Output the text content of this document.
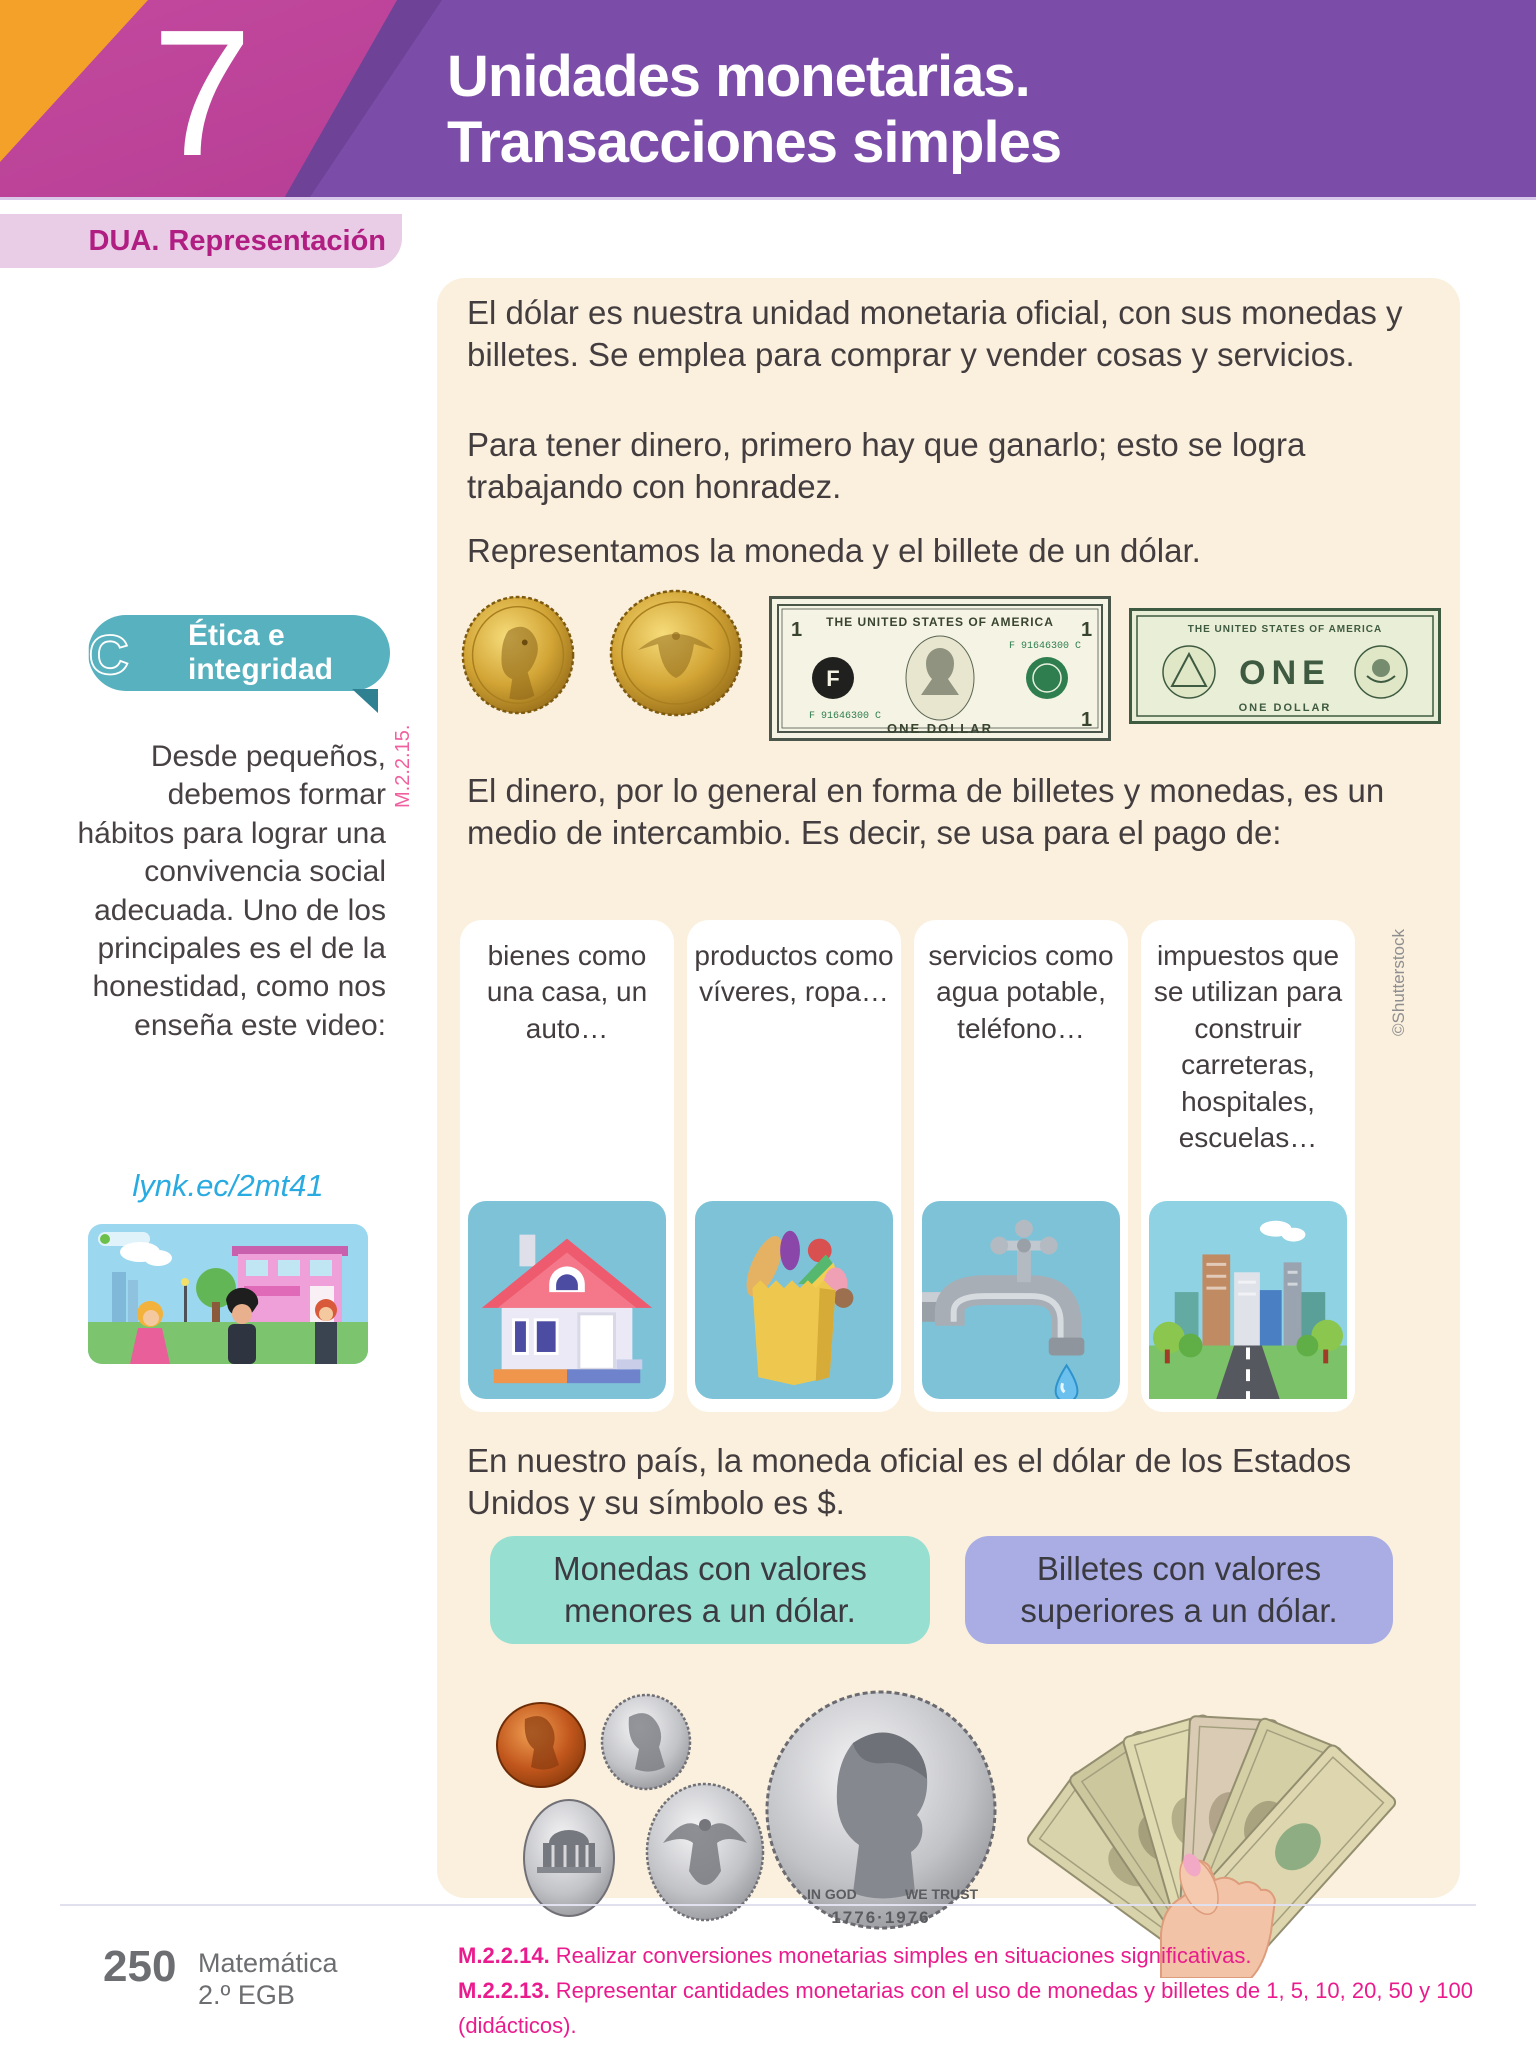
7	Unidades monetarias.
Transacciones simples
DUA. Representación
Ética e integridad
IC
M.2.2.15.
Desde pequeños, debemos formar hábitos para lograr una convivencia social adecuada. Uno de los principales es el de la honestidad, como nos enseña este video:
lynk.ec/2mt41
El dólar es nuestra unidad monetaria oficial, con sus monedas y billetes. Se emplea para comprar y vender cosas y servicios.
Para tener dinero, primero hay que ganarlo; esto se logra trabajando con honradez.
Representamos la moneda y el billete de un dólar.
THE UNITED STATES OF AMERICA
F
F 91646300 C
F 91646300 C
1	1
1
ONE DOLLAR
THE UNITED STATES OF AMERICA
ONE
ONE DOLLAR
El dinero, por lo general en forma de billetes y monedas, es un medio de intercambio. Es decir, se usa para el pago de:
bienes como una casa, un auto…
productos como víveres, ropa…
servicios como agua potable, teléfono…
impuestos que se utilizan para construir carreteras, hospitales, escuelas…
©Shutterstock
En nuestro país, la moneda oficial es el dólar de los Estados Unidos y su símbolo es $.
Monedas con valores menores a un dólar.
Billetes con valores superiores a un dólar.
IN GOD	WE TRUST
1776·1976
250 Matemática
2.º EGB
M.2.2.14. Realizar conversiones monetarias simples en situaciones significativas.
M.2.2.13. Representar cantidades monetarias con el uso de monedas y billetes de 1, 5, 10, 20, 50 y 100 (didácticos).
